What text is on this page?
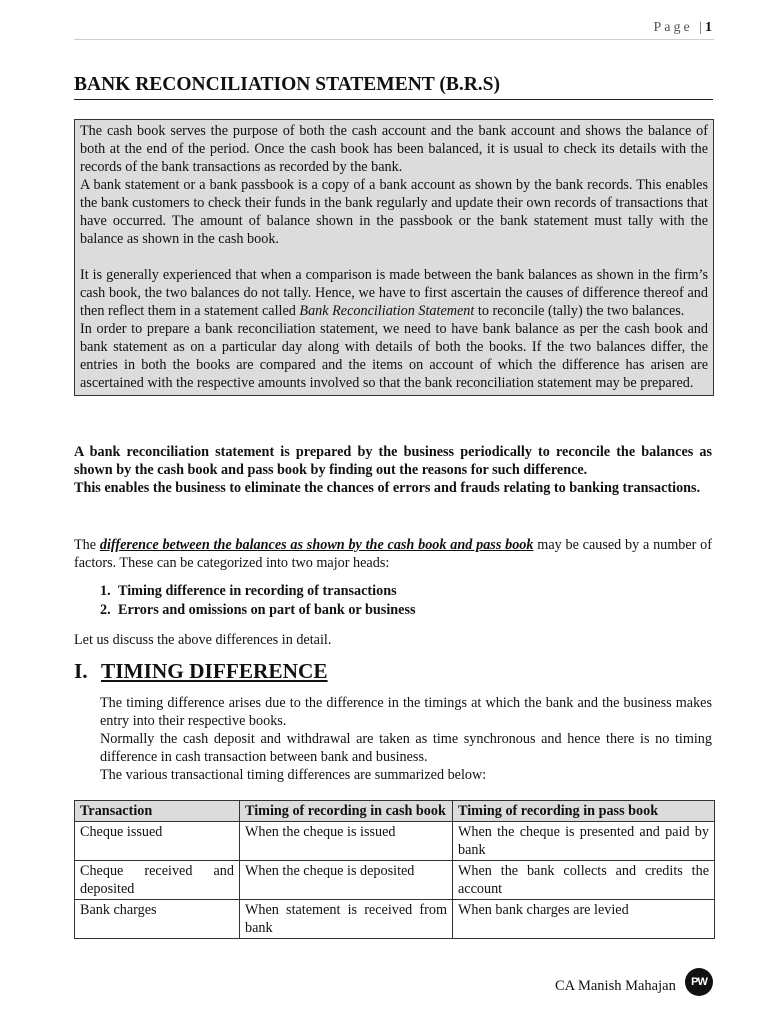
Page |1
BANK RECONCILIATION STATEMENT (B.R.S)

The cash book serves the purpose of both the cash account and the bank account and shows the balance of both at the end of the period. Once the cash book has been balanced, it is usual to check its details with the records of the bank transactions as recorded by the bank.

A bank statement or a bank passbook is a copy of a bank account as shown by the bank records. This enables the bank customers to check their funds in the bank regularly and update their own records of transactions that have occurred. The amount of balance shown in the passbook or the bank statement must tally with the balance as shown in the cash book.

It is generally experienced that when a comparison is made between the bank balances as shown in the firm’s cash book, the two balances do not tally. Hence, we have to first ascertain the causes of difference thereof and then reflect them in a statement called Bank Reconciliation Statement to reconcile (tally) the two balances.

In order to prepare a bank reconciliation statement, we need to have bank balance as per the cash book and bank statement as on a particular day along with details of both the books. If the two balances differ, the entries in both the books are compared and the items on account of which the difference has arisen are ascertained with the respective amounts involved so that the bank reconciliation statement may be prepared.

A bank reconciliation statement is prepared by the business periodically to reconcile the balances as shown by the cash book and pass book by finding out the reasons for such difference.

This enables the business to eliminate the chances of errors and frauds relating to banking transactions.

The difference between the balances as shown by the cash book and pass book may be caused by a number of factors. These can be categorized into two major heads:

1. Timing difference in recording of transactions
2. Errors and omissions on part of bank or business

Let us discuss the above differences in detail.

I. TIMING DIFFERENCE

The timing difference arises due to the difference in the timings at which the bank and the business makes entry into their respective books.

Normally the cash deposit and withdrawal are taken as time synchronous and hence there is no timing difference in cash transaction between bank and business.

The various transactional timing differences are summarized below:

Transaction	Timing of recording in cash book	Timing of recording in pass book
Cheque issued	When the cheque is issued	When the cheque is presented and paid by bank
Cheque received and deposited	When the cheque is deposited	When the bank collects and credits the account
Bank charges	When statement is received from bank	When bank charges are levied
CA Manish Mahajan	PW
